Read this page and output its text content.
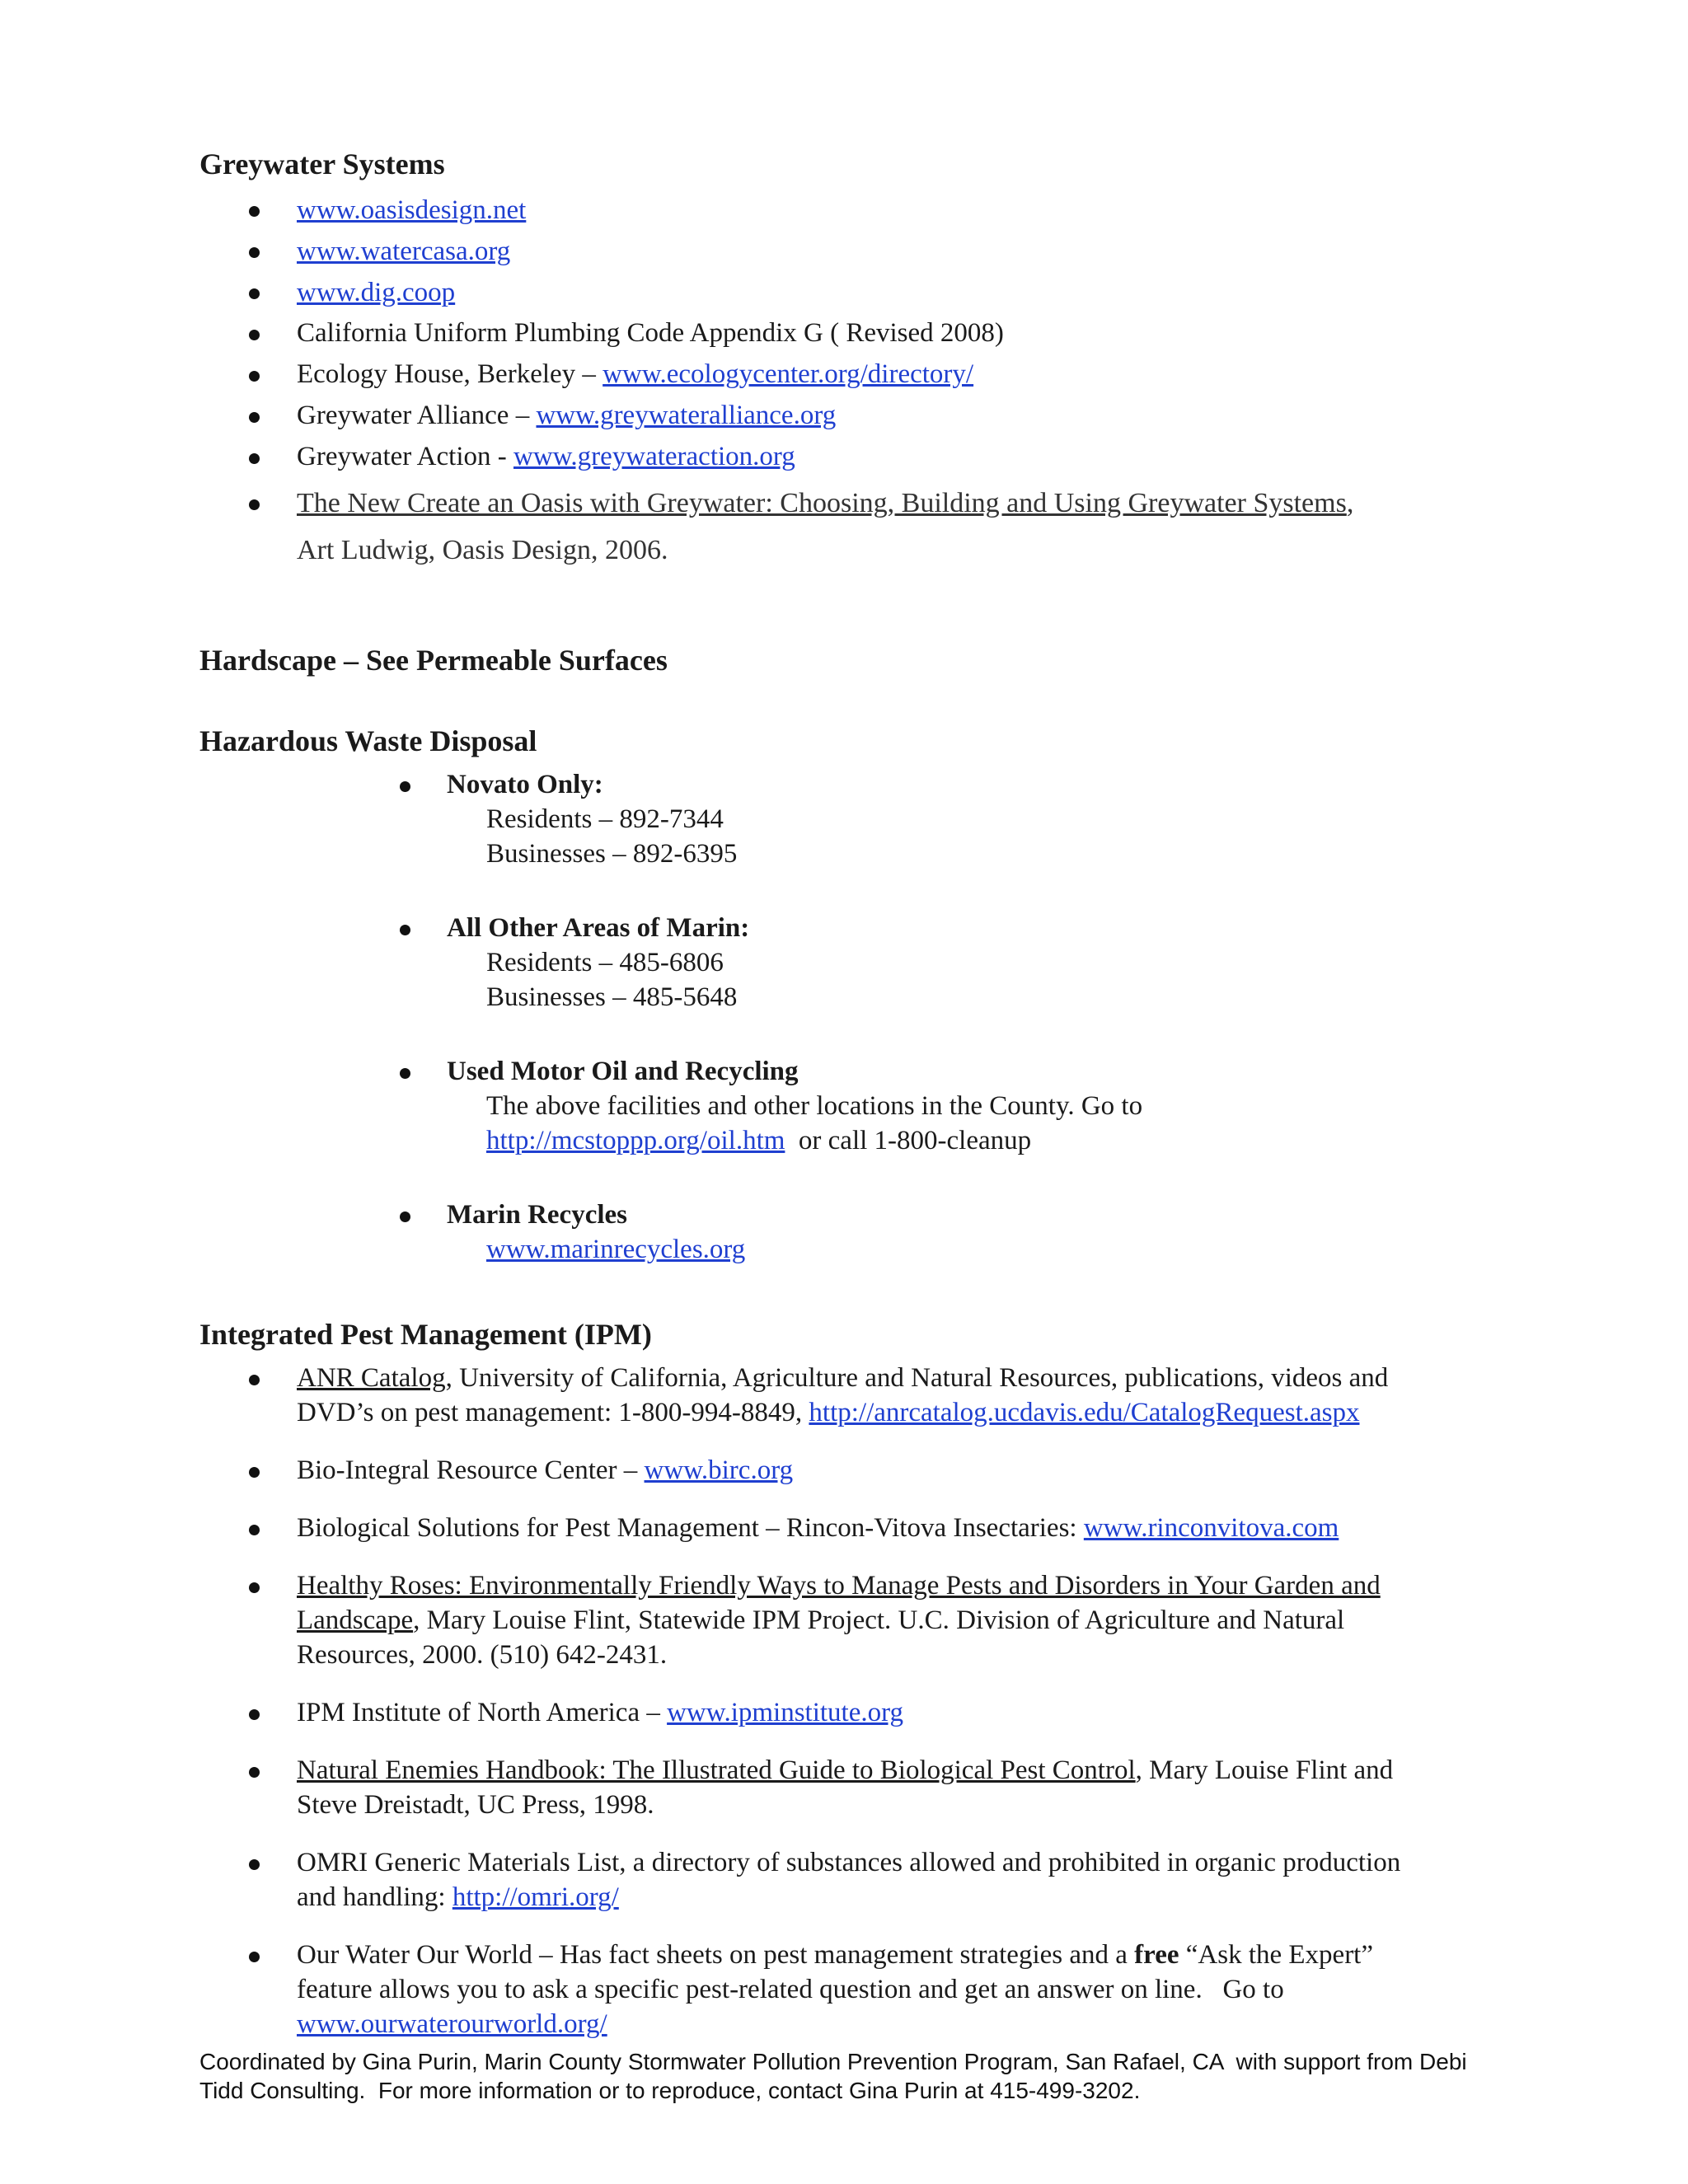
Greywater Systems
www.oasisdesign.net
www.watercasa.org
www.dig.coop
California Uniform Plumbing Code Appendix G ( Revised 2008)
Ecology House, Berkeley – www.ecologycenter.org/directory/
Greywater Alliance – www.greywateralliance.org
Greywater Action - www.greywateraction.org
The New Create an Oasis with Greywater: Choosing, Building and Using Greywater Systems,
Art Ludwig, Oasis Design, 2006.
Hardscape – See Permeable Surfaces
Hazardous Waste Disposal
Novato Only:
Residents – 892-7344
Businesses – 892-6395
All Other Areas of Marin:
Residents – 485-6806
Businesses – 485-5648
Used Motor Oil and Recycling
The above facilities and other locations in the County. Go to
http://mcstoppp.org/oil.htm  or call 1-800-cleanup
Marin Recycles
www.marinrecycles.org
Integrated Pest Management (IPM)
ANR Catalog, University of California, Agriculture and Natural Resources, publications, videos and
DVD’s on pest management: 1-800-994-8849, http://anrcatalog.ucdavis.edu/CatalogRequest.aspx
Bio-Integral Resource Center – www.birc.org
Biological Solutions for Pest Management – Rincon-Vitova Insectaries: www.rinconvitova.com
Healthy Roses: Environmentally Friendly Ways to Manage Pests and Disorders in Your Garden and
Landscape, Mary Louise Flint, Statewide IPM Project. U.C. Division of Agriculture and Natural
Resources, 2000. (510) 642-2431.
IPM Institute of North America – www.ipminstitute.org
Natural Enemies Handbook: The Illustrated Guide to Biological Pest Control, Mary Louise Flint and
Steve Dreistadt, UC Press, 1998.
OMRI Generic Materials List, a directory of substances allowed and prohibited in organic production
and handling: http://omri.org/
Our Water Our World – Has fact sheets on pest management strategies and a free “Ask the Expert”
feature allows you to ask a specific pest-related question and get an answer on line.   Go to
www.ourwaterourworld.org/
Coordinated by Gina Purin, Marin County Stormwater Pollution Prevention Program, San Rafael, CA  with support from Debi
Tidd Consulting.  For more information or to reproduce, contact Gina Purin at 415-499-3202.
